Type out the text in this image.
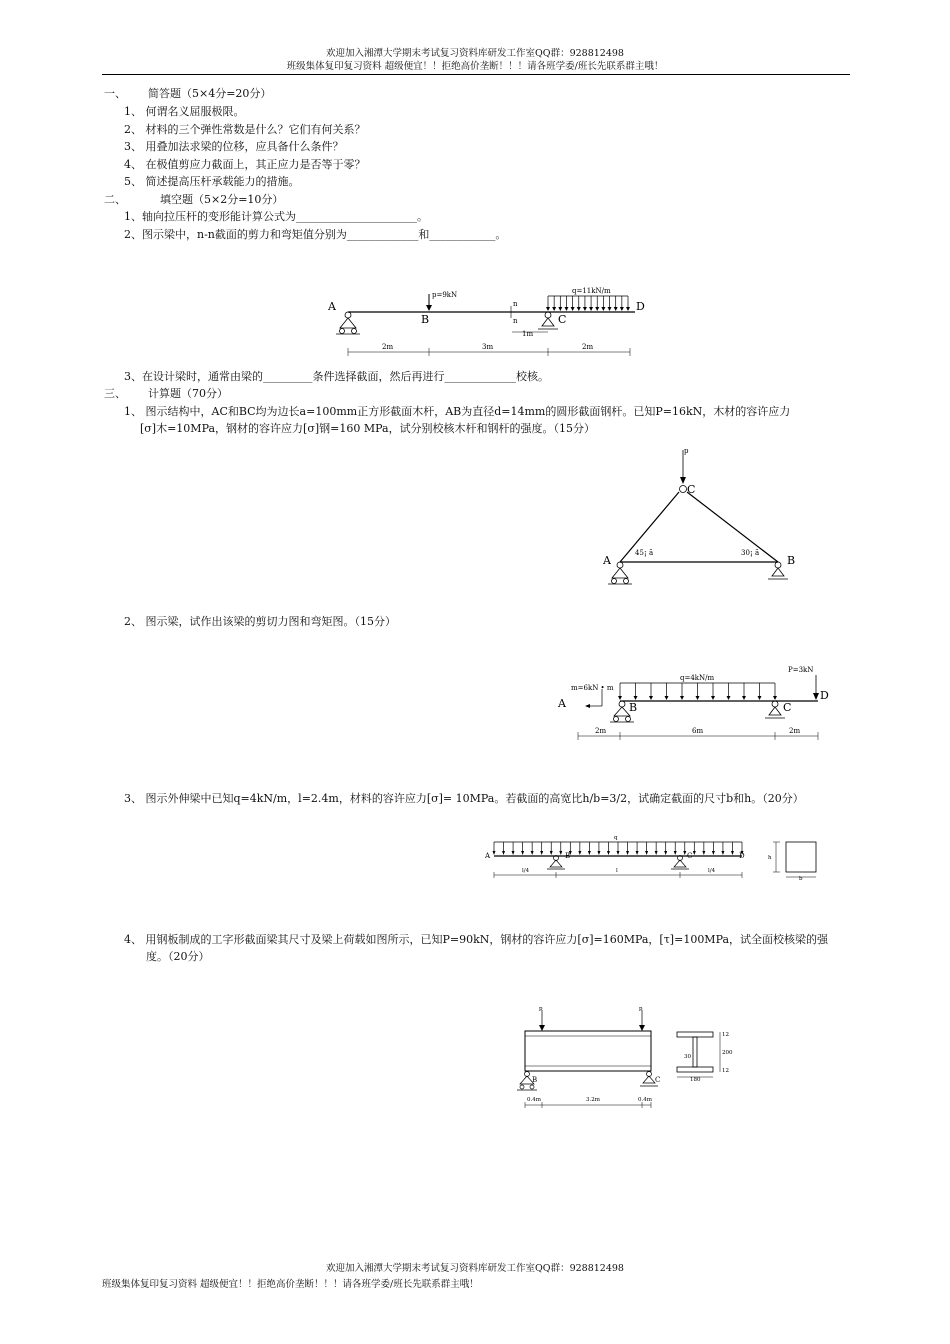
欢迎加入湘潭大学期末考试复习资料库研发工作室QQ群：928812498
班级集体复印复习资料 超级便宜！！拒绝高价垄断！！！请各班学委/班长先联系群主哦！
一、 简答题（5×4分=20分）
1、 何谓名义屈服极限。
2、 材料的三个弹性常数是什么？它们有何关系？
3、 用叠加法求梁的位移，应具备什么条件？
4、 在极值剪应力截面上，其正应力是否等于零？
5、 简述提高压杆承载能力的措施。
二、	填空题（5×2分=10分）
1、轴向拉压杆的变形能计算公式为______________________。
2、图示梁中，n-n截面的剪力和弯矩值分别为_____________和____________。
A
B	C
D
p=9kN
n
n
q=11kN/m
1m
2m	3m	2m
3、在设计梁时，通常由梁的_________条件选择截面，然后再进行_____________校核。
三、 计算题（70分）
1、 图示结构中，AC和BC均为边长a=100mm正方形截面木杆，AB为直径d=14mm的圆形截面钢杆。已知P=16kN，木材的容许应力
[σ]木=10MPa，钢材的容许应力[σ]钢=160 MPa，试分别校核木杆和钢杆的强度。（15分）
p
C
A	B
45¡ ã	30¡ ã
2、 图示梁，试作出该梁的剪切力图和弯矩图。（15分）
A	B	C
D
m=6kN • m
q=4kN/m
P=3kN
2m	6m	2m
3、 图示外伸梁中已知q=4kN/m，l=2.4m，材料的容许应力[σ]= 10MPa。若截面的高宽比h/b=3/2，试确定截面的尺寸b和h。（20分）
q
A	B	C	D
l/4	l	l/4
h
b
4、 用钢板制成的工字形截面梁其尺寸及梁上荷载如图所示，已知P=90kN，钢材的容许应力[σ]=160MPa，[τ]=100MPa，试全面校核梁的强
度。（20分）
p	p
B	C
0.4m	3.2m	0.4m
12
200
12
30
180
欢迎加入湘潭大学期末考试复习资料库研发工作室QQ群：928812498
班级集体复印复习资料 超级便宜！！拒绝高价垄断！！！请各班学委/班长先联系群主哦！
